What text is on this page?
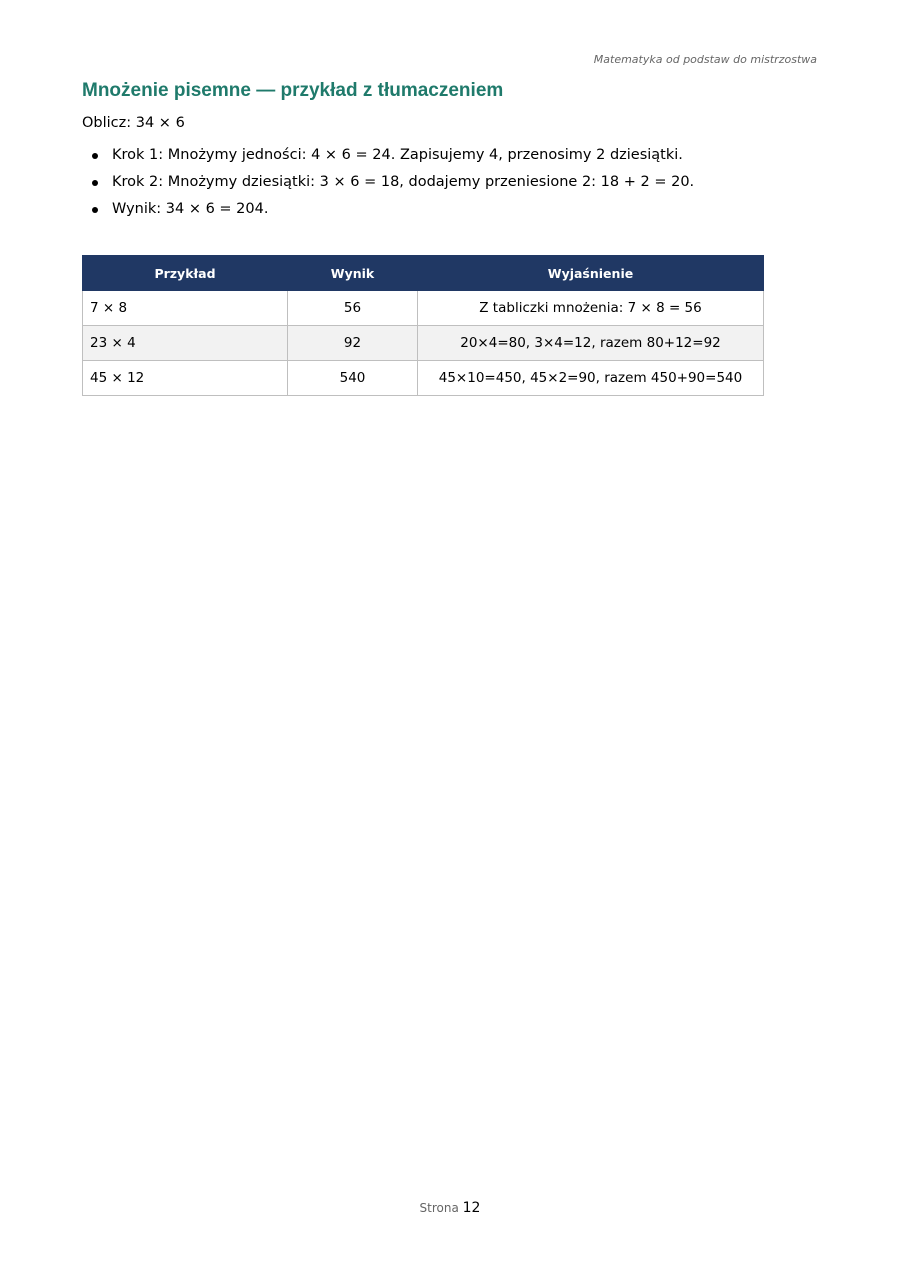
Matematyka od podstaw do mistrzostwa
Mnożenie pisemne — przykład z tłumaczeniem
Oblicz: 34 × 6
Krok 1: Mnożymy jedności: 4 × 6 = 24. Zapisujemy 4, przenosimy 2 dziesiątki.
Krok 2: Mnożymy dziesiątki: 3 × 6 = 18, dodajemy przeniesione 2: 18 + 2 = 20.
Wynik: 34 × 6 = 204.
Przykład	Wynik	Wyjaśnienie
7 × 8	56	Z tabliczki mnożenia: 7 × 8 = 56
23 × 4	92	20×4=80, 3×4=12, razem 80+12=92
45 × 12	540	45×10=450, 45×2=90, razem 450+90=540
Strona 12
